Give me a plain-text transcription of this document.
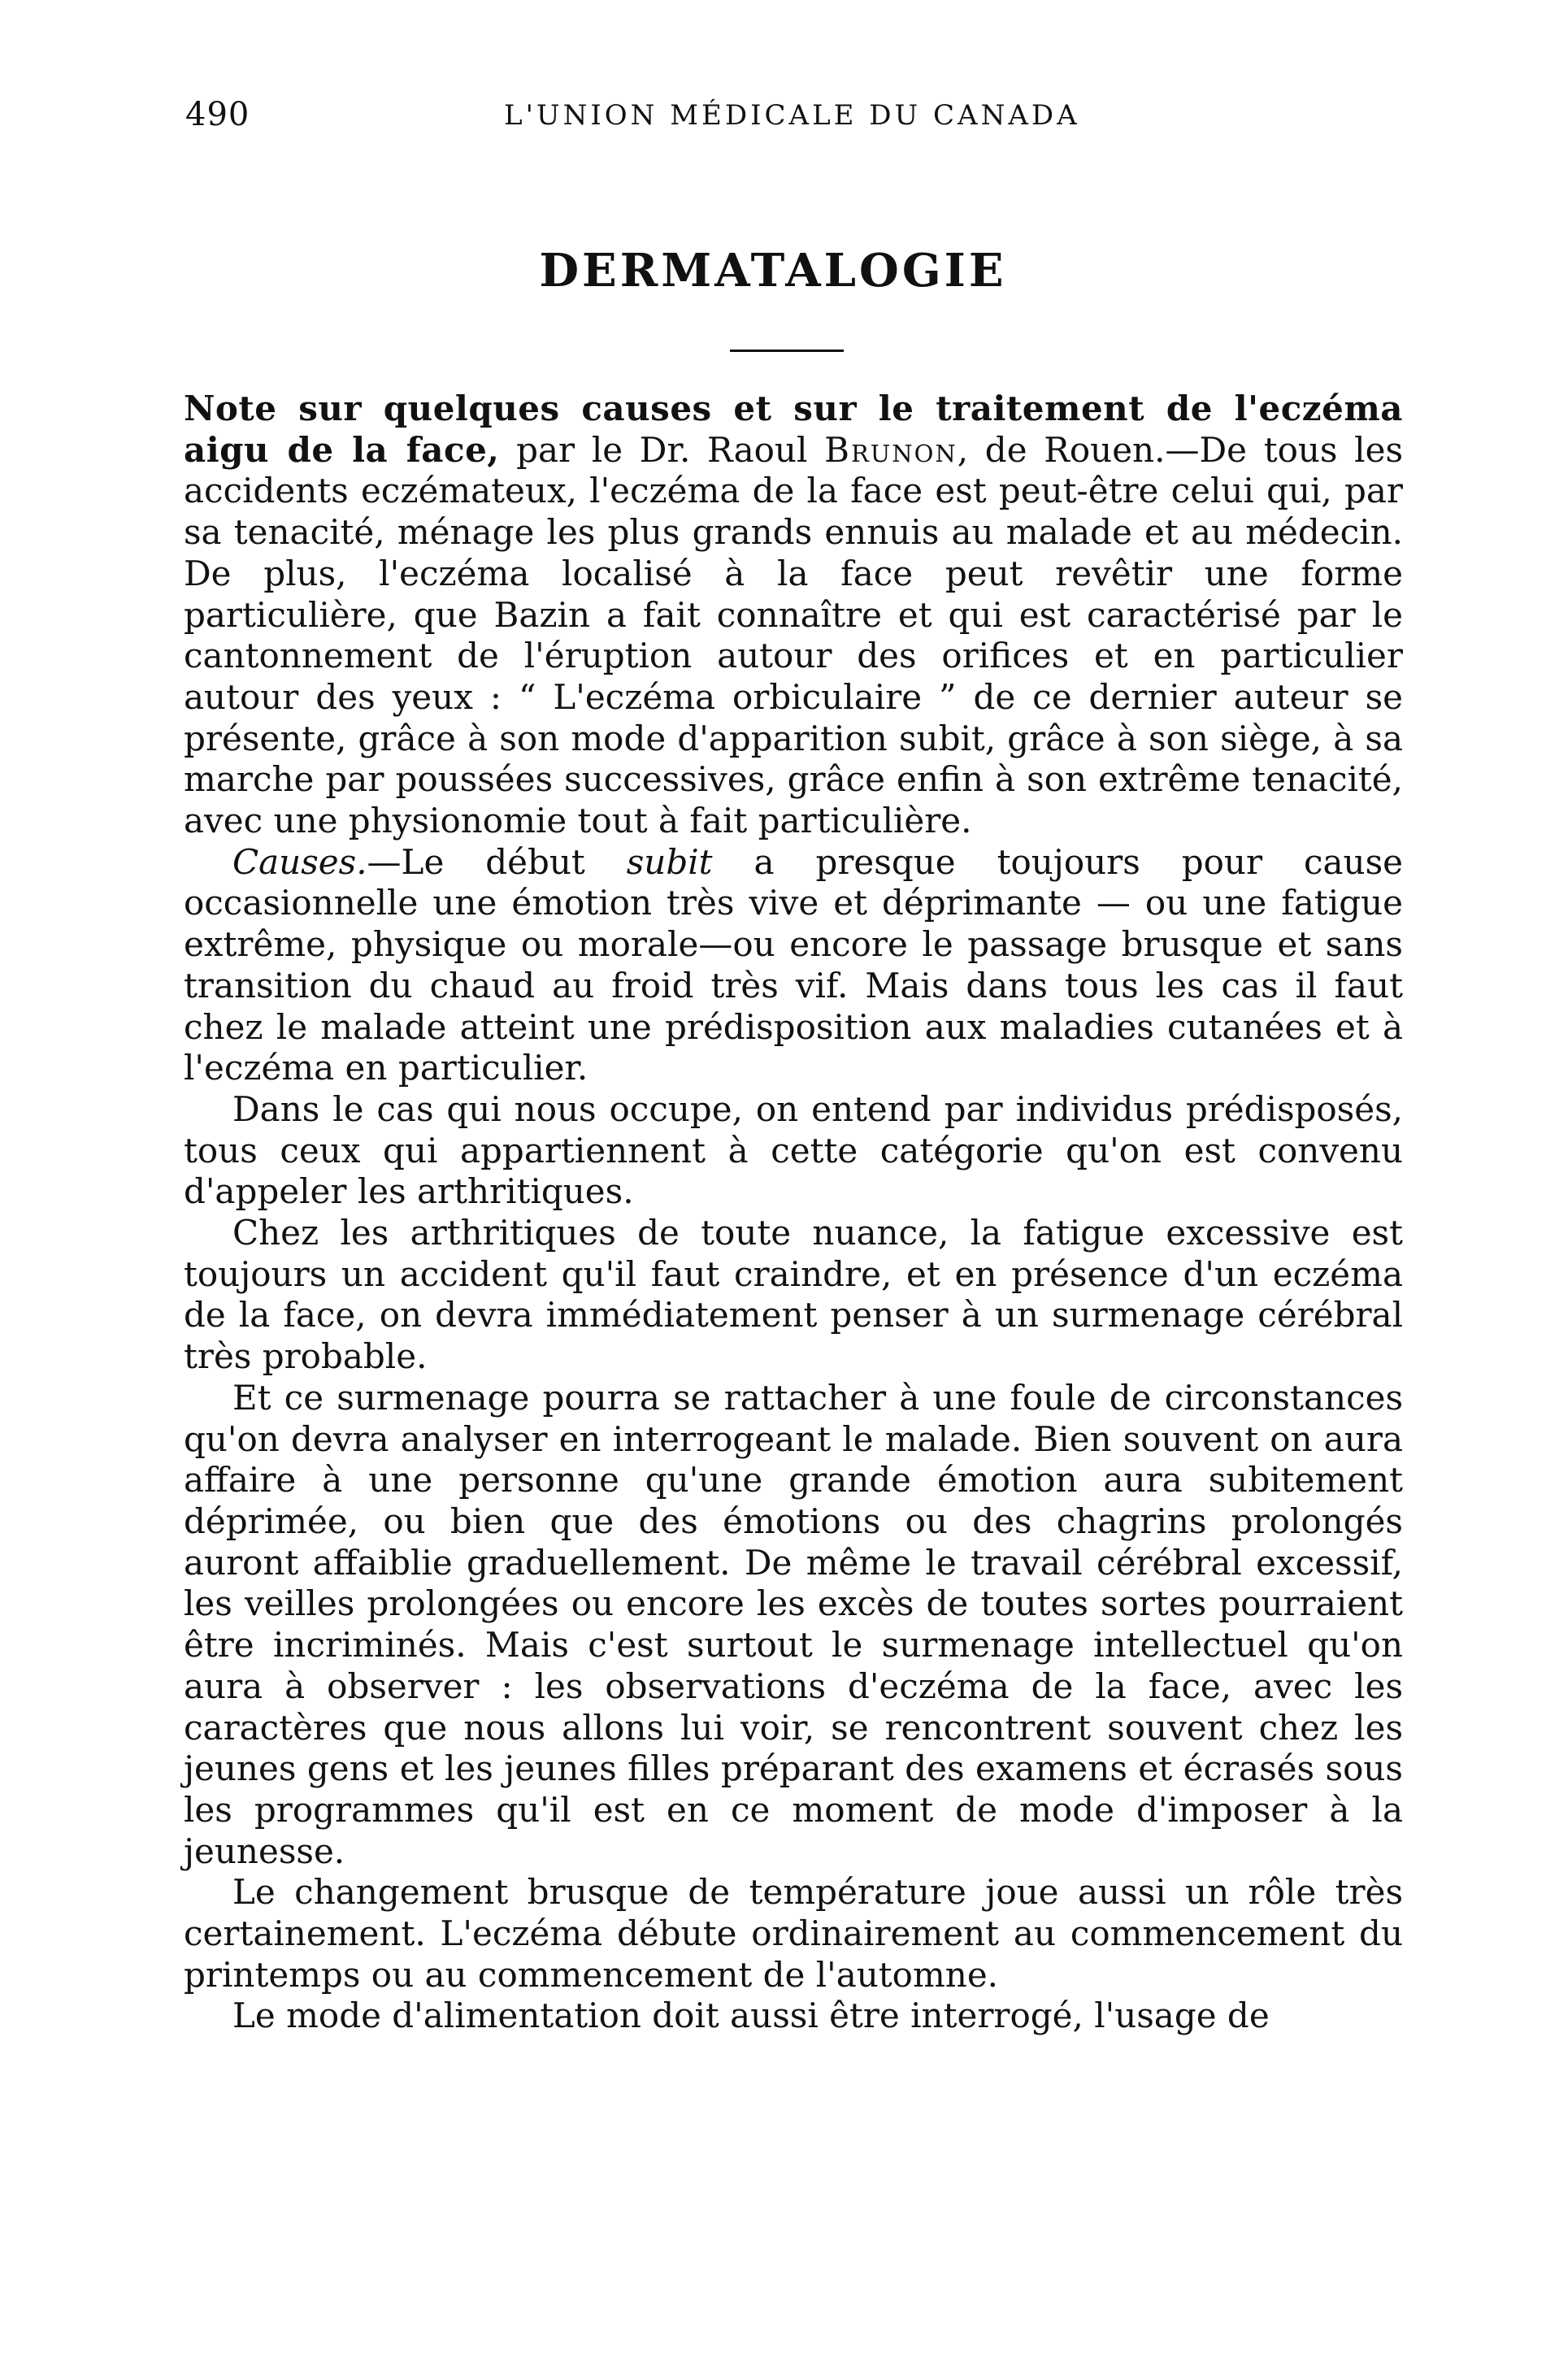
490	L'UNION MÉDICALE DU CANADA
DERMATALOGIE

Note sur quelques causes et sur le traitement de l'eczéma aigu de la face, par le Dr. Raoul Brunon, de Rouen.—De tous les accidents eczémateux, l'eczéma de la face est peut-être celui qui, par sa tenacité, ménage les plus grands ennuis au malade et au médecin. De plus, l'eczéma localisé à la face peut revêtir une forme particulière, que Bazin a fait connaître et qui est caractérisé par le cantonnement de l'éruption autour des orifices et en particulier autour des yeux : “ L'eczéma orbiculaire ” de ce dernier auteur se présente, grâce à son mode d'apparition subit, grâce à son siège, à sa marche par poussées successives, grâce enfin à son extrême tenacité, avec une physionomie tout à fait particulière.

Causes.—Le début subit a presque toujours pour cause occasionnelle une émotion très vive et déprimante — ou une fatigue extrême, physique ou morale—ou encore le passage brusque et sans transition du chaud au froid très vif. Mais dans tous les cas il faut chez le malade atteint une prédisposition aux maladies cutanées et à l'eczéma en particulier.

Dans le cas qui nous occupe, on entend par individus prédisposés, tous ceux qui appartiennent à cette catégorie qu'on est convenu d'appeler les arthritiques.

Chez les arthritiques de toute nuance, la fatigue excessive est toujours un accident qu'il faut craindre, et en présence d'un eczéma de la face, on devra immédiatement penser à un surmenage cérébral très probable.

Et ce surmenage pourra se rattacher à une foule de circonstances qu'on devra analyser en interrogeant le malade. Bien souvent on aura affaire à une personne qu'une grande émotion aura subitement déprimée, ou bien que des émotions ou des chagrins prolongés auront affaiblie graduellement. De même le travail cérébral excessif, les veilles prolongées ou encore les excès de toutes sortes pourraient être incriminés. Mais c'est surtout le surmenage intellectuel qu'on aura à observer : les observations d'eczéma de la face, avec les caractères que nous allons lui voir, se rencontrent souvent chez les jeunes gens et les jeunes filles préparant des examens et écrasés sous les programmes qu'il est en ce moment de mode d'imposer à la jeunesse.

Le changement brusque de température joue aussi un rôle très certainement. L'eczéma débute ordinairement au commencement du printemps ou au commencement de l'automne.

Le mode d'alimentation doit aussi être interrogé, l'usage de
